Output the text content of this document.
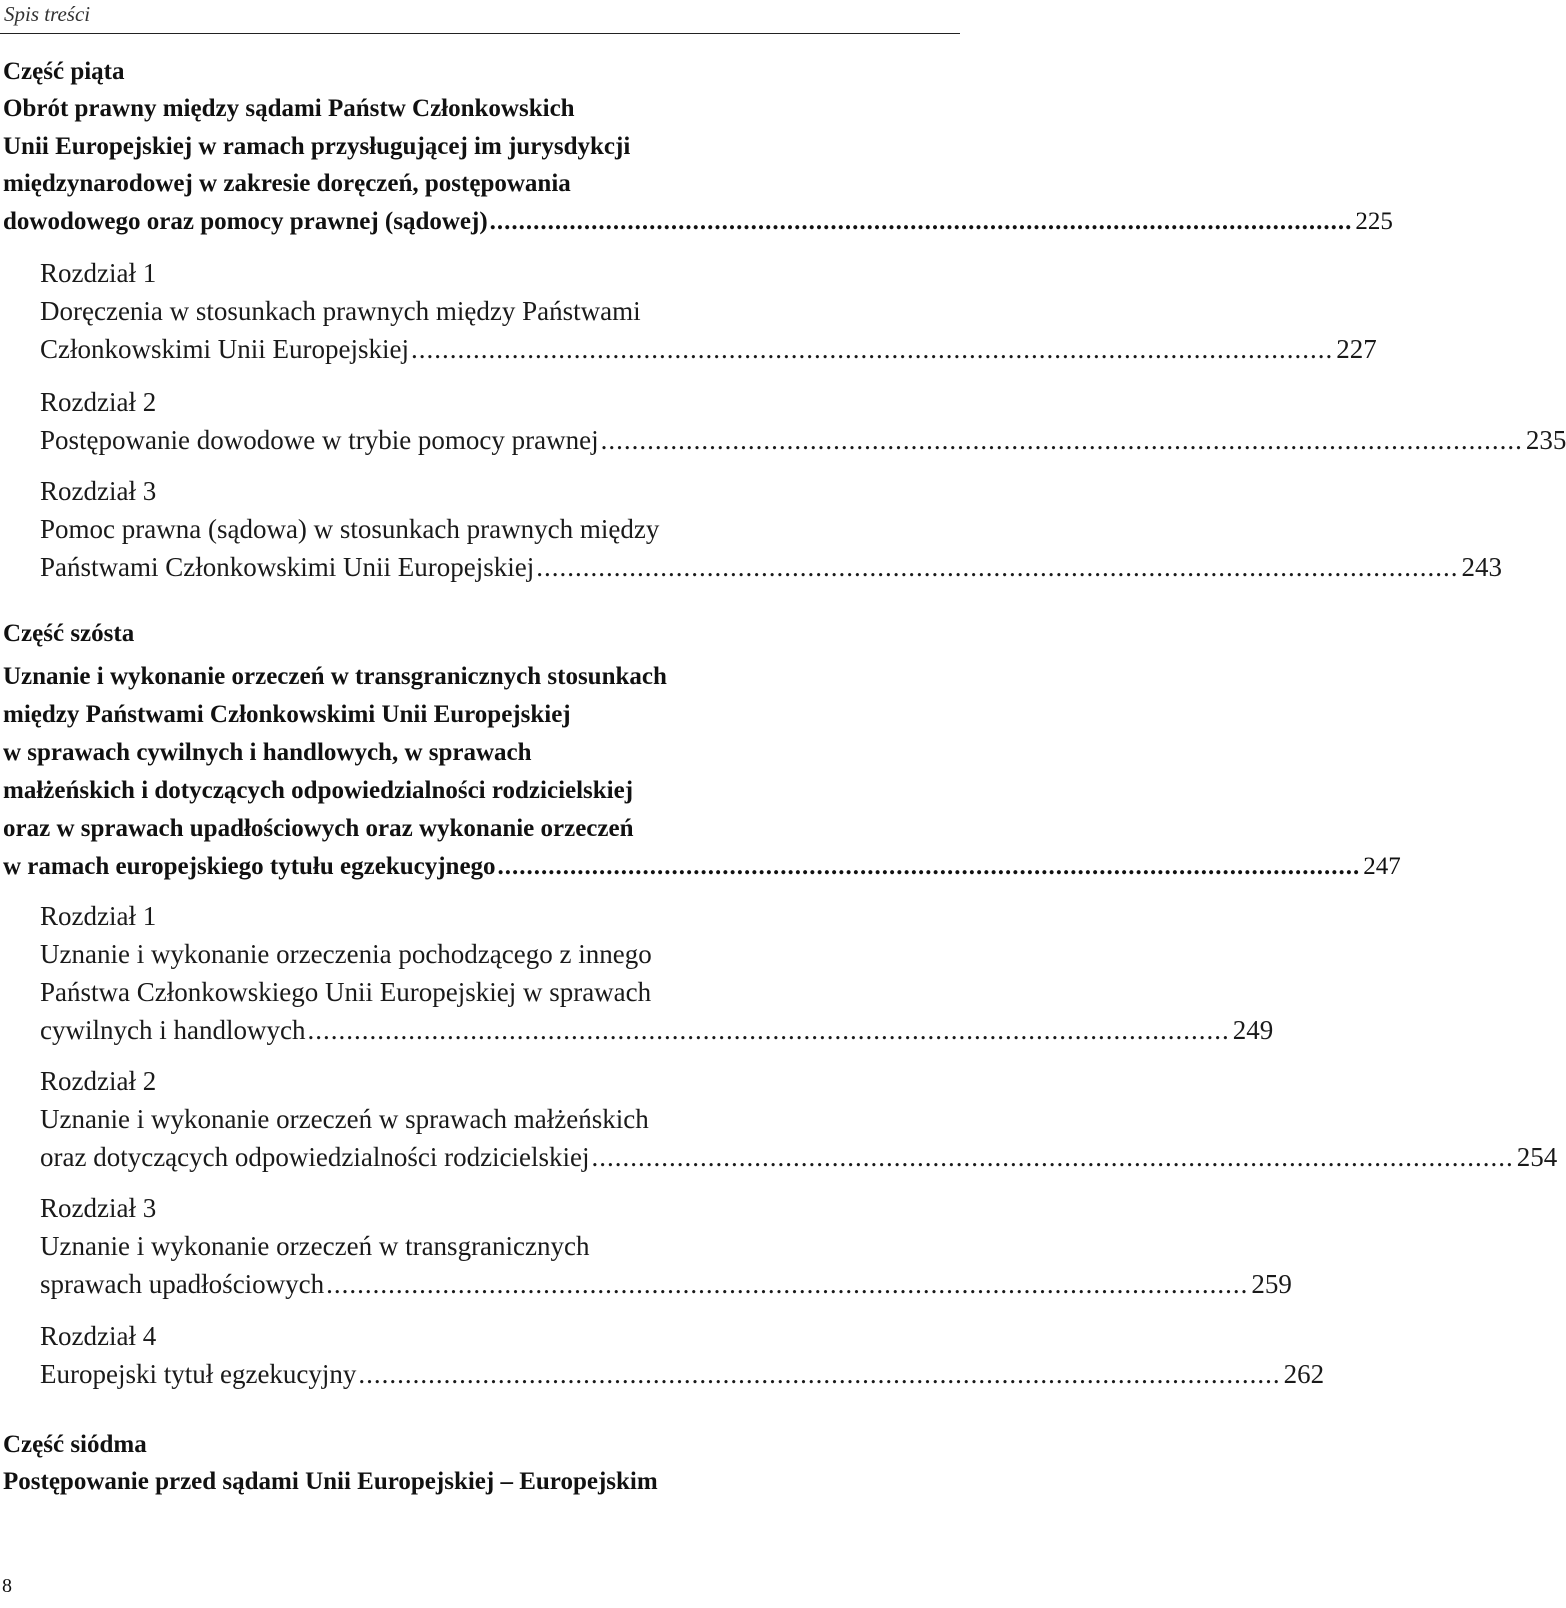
Spis treści
Część piąta
Obrót prawny między sądami Państw Członkowskich
Unii Europejskiej w ramach przysługującej im jurysdykcji
międzynarodowej w zakresie doręczeń, postępowania
dowodowego oraz pomocy prawnej (sądowej) ....................................................................................................................... 225
Rozdział 1
Doręczenia w stosunkach prawnych między Państwami
Członkowskimi Unii Europejskiej ....................................................................................................................... 227
Rozdział 2
Postępowanie dowodowe w trybie pomocy prawnej ....................................................................................................................... 235
Rozdział 3
Pomoc prawna (sądowa) w stosunkach prawnych między
Państwami Członkowskimi Unii Europejskiej ....................................................................................................................... 243
Część szósta
Uznanie i wykonanie orzeczeń w transgranicznych stosunkach
między Państwami Członkowskimi Unii Europejskiej
w sprawach cywilnych i handlowych, w sprawach
małżeńskich i dotyczących odpowiedzialności rodzicielskiej
oraz w sprawach upadłościowych oraz wykonanie orzeczeń
w ramach europejskiego tytułu egzekucyjnego ....................................................................................................................... 247
Rozdział 1
Uznanie i wykonanie orzeczenia pochodzącego z innego
Państwa Członkowskiego Unii Europejskiej w sprawach
cywilnych i handlowych ....................................................................................................................... 249
Rozdział 2
Uznanie i wykonanie orzeczeń w sprawach małżeńskich
oraz dotyczących odpowiedzialności rodzicielskiej ....................................................................................................................... 254
Rozdział 3
Uznanie i wykonanie orzeczeń w transgranicznych
sprawach upadłościowych ....................................................................................................................... 259
Rozdział 4
Europejski tytuł egzekucyjny ....................................................................................................................... 262
Część siódma
Postępowanie przed sądami Unii Europejskiej – Europejskim
8
